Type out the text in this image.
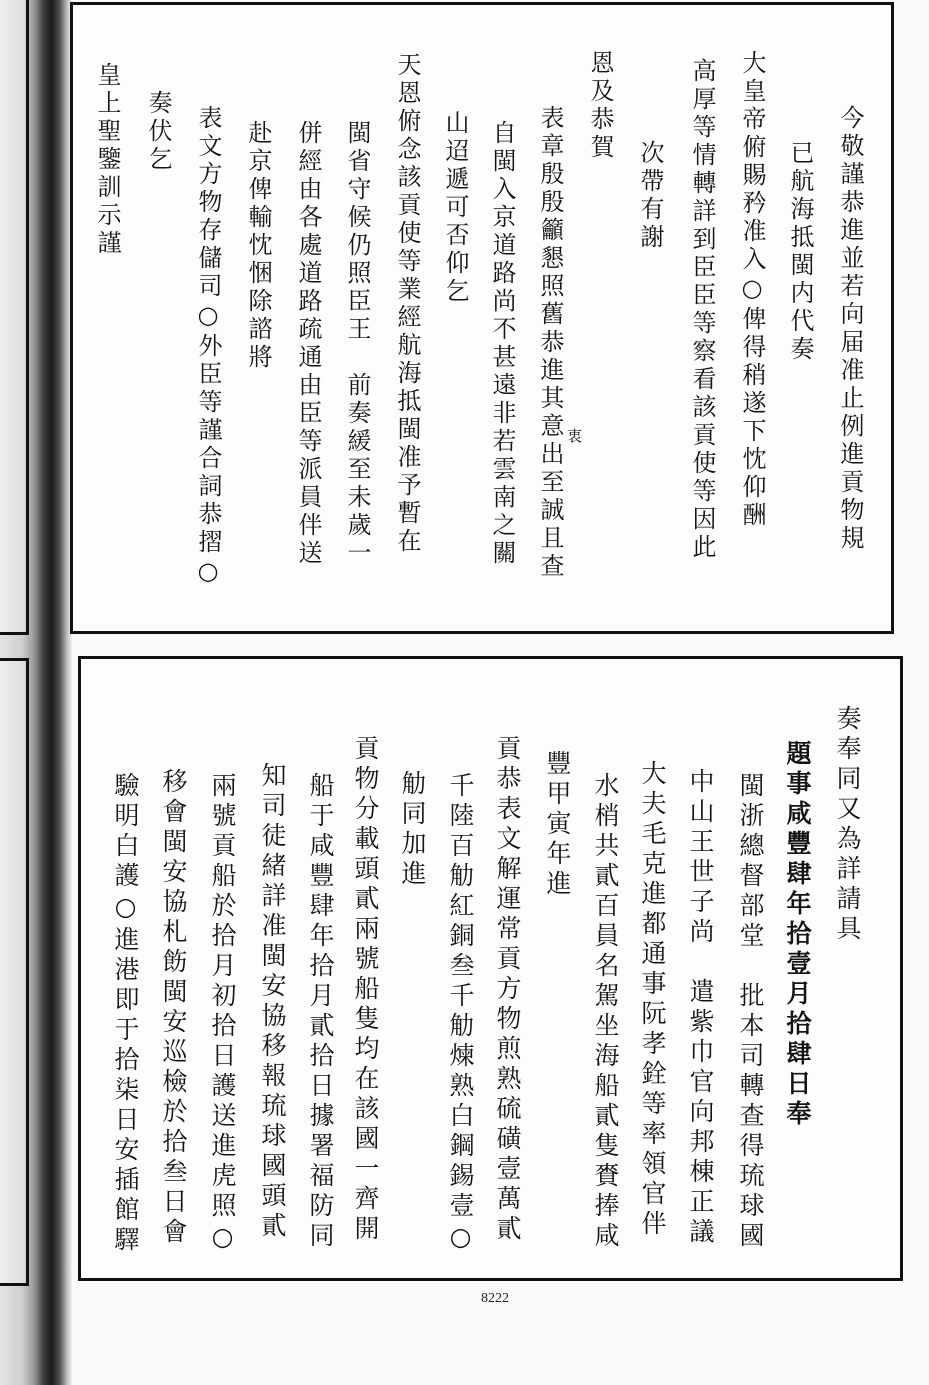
今敬謹恭進並若向届准止例進貢物規
已航海抵閩内代奏
大皇帝俯賜矜准入○俾得稍遂下忱仰酬
高厚等情轉詳到臣臣等察看該貢使等因此
次帶有謝
恩及恭賀
表章殷殷籲懇照舊恭進其意出至誠且查 衷
自閩入京道路尚不甚遠非若雲南之關
山迢遞可否仰乞
天恩俯念該貢使等業經航海抵閩准予暫在
閩省守候仍照臣王　前奏緩至未歲一
併經由各處道路疏通由臣等派員伴送
赴京俾輸忱悃除諮將
表文方物存儲司○外臣等謹合詞恭摺○
奏伏乞
皇上聖鑒訓示謹
奏奉同又為詳請具
題事咸豐肆年拾壹月拾肆日奉
閩浙總督部堂　批本司轉查得琉球國
中山王世子尚　遣紫巾官向邦棟正議
大夫毛克進都通事阮孝銓等率領官伴
水梢共貳百員名駕坐海船貳隻賚捧咸
豐甲寅年進
貢恭表文解運常貢方物煎熟硫磺壹萬貳
千陸百觔紅銅叁千觔煉熟白鋼錫壹○
觔同加進
貢物分載頭貳兩號船隻均在該國一齊開
船于咸豐肆年拾月貳拾日據署福防同
知司徒緒詳准閩安協移報琉球國頭貳
兩號貢船於拾月初拾日護送進虎照○
移會閩安協札飭閩安巡檢於拾叁日會
驗明白護○進港即于拾柒日安插館驛
8222
